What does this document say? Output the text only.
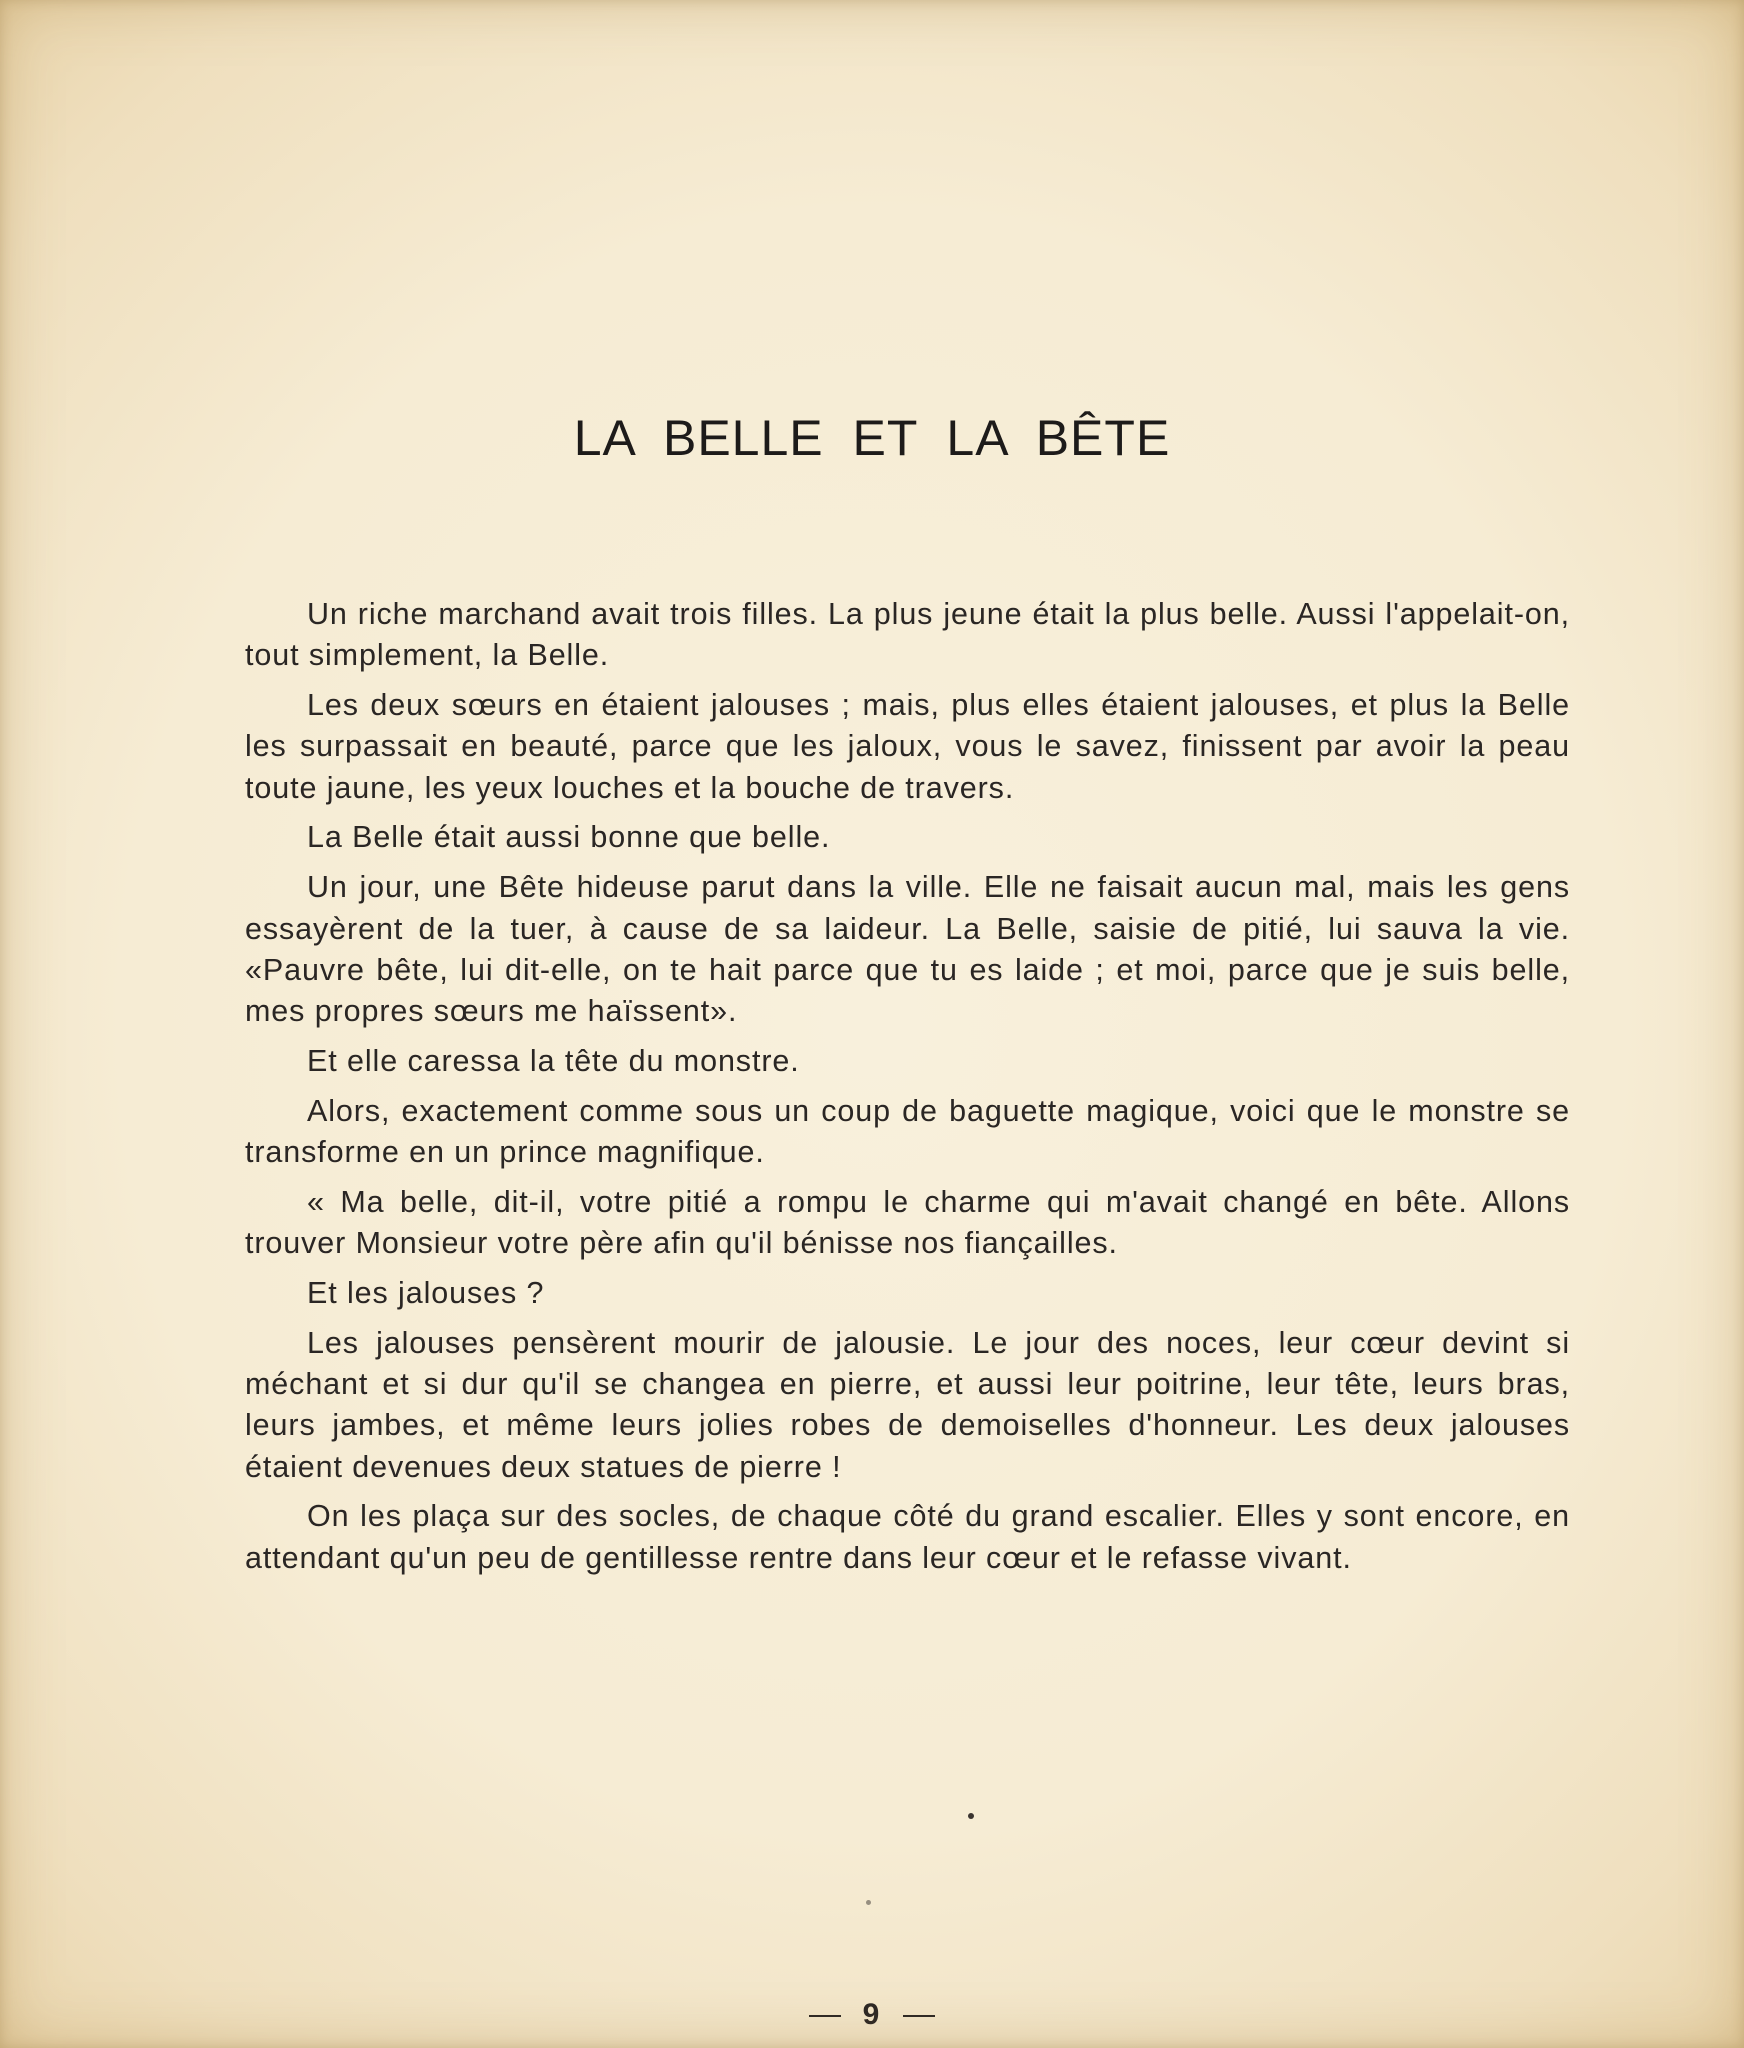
LA BELLE ET LA BÊTE

Un riche marchand avait trois filles. La plus jeune était la plus belle. Aussi l'appelait-on, tout simplement, la Belle.

Les deux sœurs en étaient jalouses ; mais, plus elles étaient jalouses, et plus la Belle les surpassait en beauté, parce que les jaloux, vous le savez, finissent par avoir la peau toute jaune, les yeux louches et la bouche de travers.

La Belle était aussi bonne que belle.

Un jour, une Bête hideuse parut dans la ville. Elle ne faisait aucun mal, mais les gens essayèrent de la tuer, à cause de sa laideur. La Belle, saisie de pitié, lui sauva la vie. «Pauvre bête, lui dit-elle, on te hait parce que tu es laide ; et moi, parce que je suis belle, mes propres sœurs me haïssent».

Et elle caressa la tête du monstre.

Alors, exactement comme sous un coup de baguette magique, voici que le monstre se transforme en un prince magnifique.

« Ma belle, dit-il, votre pitié a rompu le charme qui m'avait changé en bête. Allons trouver Monsieur votre père afin qu'il bénisse nos fiançailles.

Et les jalouses ?

Les jalouses pensèrent mourir de jalousie. Le jour des noces, leur cœur devint si méchant et si dur qu'il se changea en pierre, et aussi leur poitrine, leur tête, leurs bras, leurs jambes, et même leurs jolies robes de demoiselles d'honneur. Les deux jalouses étaient devenues deux statues de pierre !

On les plaça sur des socles, de chaque côté du grand escalier. Elles y sont encore, en attendant qu'un peu de gentillesse rentre dans leur cœur et le refasse vivant.

9
